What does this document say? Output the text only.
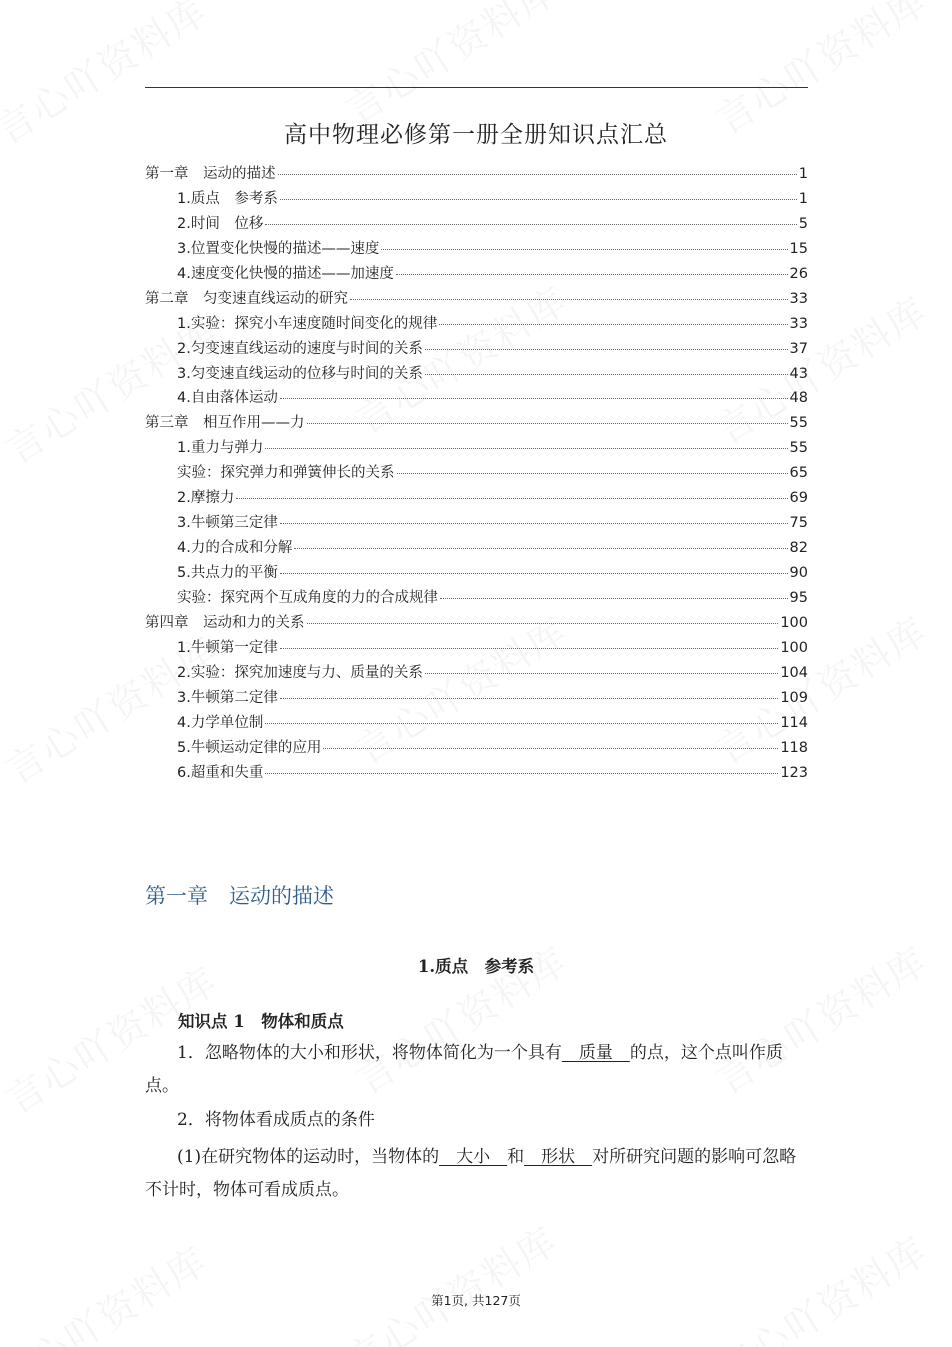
高中物理必修第一册全册知识点汇总
第一章　运动的描述	1
1.质点　参考系	1
2.时间　位移	5
3.位置变化快慢的描述——速度	15
4.速度变化快慢的描述——加速度	26
第二章　匀变速直线运动的研究	33
1.实验：探究小车速度随时间变化的规律	33
2.匀变速直线运动的速度与时间的关系	37
3.匀变速直线运动的位移与时间的关系	43
4.自由落体运动	48
第三章　相互作用——力	55
1.重力与弹力	55
实验：探究弹力和弹簧伸长的关系	65
2.摩擦力	69
3.牛顿第三定律	75
4.力的合成和分解	82
5.共点力的平衡	90
实验：探究两个互成角度的力的合成规律	95
第四章　运动和力的关系	100
1.牛顿第一定律	100
2.实验：探究加速度与力、质量的关系	104
3.牛顿第二定律	109
4.力学单位制	114
5.牛顿运动定律的应用	118
6.超重和失重	123
第一章　运动的描述
1.质点　参考系
知识点 1　物体和质点
1．忽略物体的大小和形状，将物体简化为一个具有　质量　的点，这个点叫作质点。
2．将物体看成质点的条件
(1)在研究物体的运动时，当物体的　大小　和　形状　对所研究问题的影响可忽略不计时，物体可看成质点。
第1页, 共127页
